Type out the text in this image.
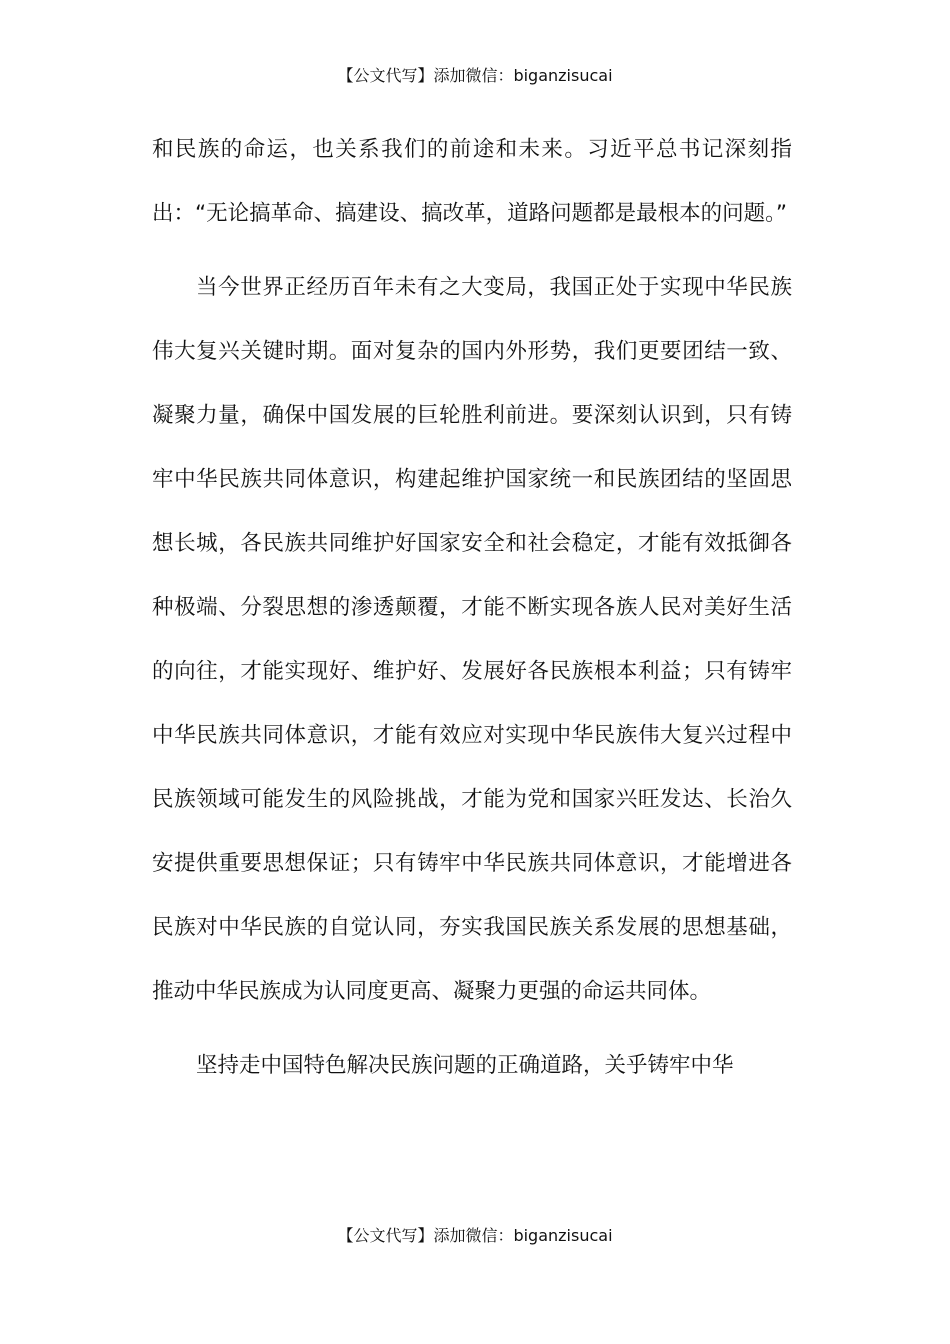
【公文代写】添加微信：biganzisucai

和民族的命运，也关系我们的前途和未来。习近平总书记深刻指出：“无论搞革命、搞建设、搞改革，道路问题都是最根本的问题。”

当今世界正经历百年未有之大变局，我国正处于实现中华民族伟大复兴关键时期。面对复杂的国内外形势，我们更要团结一致、凝聚力量，确保中国发展的巨轮胜利前进。要深刻认识到，只有铸牢中华民族共同体意识，构建起维护国家统一和民族团结的坚固思想长城，各民族共同维护好国家安全和社会稳定，才能有效抵御各种极端、分裂思想的渗透颠覆，才能不断实现各族人民对美好生活的向往，才能实现好、维护好、发展好各民族根本利益；只有铸牢中华民族共同体意识，才能有效应对实现中华民族伟大复兴过程中民族领域可能发生的风险挑战，才能为党和国家兴旺发达、长治久安提供重要思想保证；只有铸牢中华民族共同体意识，才能增进各民族对中华民族的自觉认同，夯实我国民族关系发展的思想基础，推动中华民族成为认同度更高、凝聚力更强的命运共同体。

坚持走中国特色解决民族问题的正确道路，关乎铸牢中华

【公文代写】添加微信：biganzisucai
